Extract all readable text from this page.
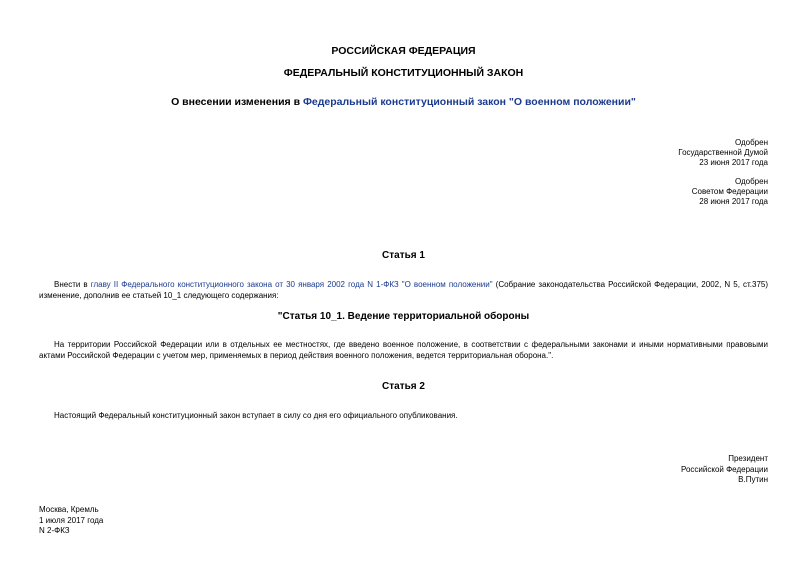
РОССИЙСКАЯ ФЕДЕРАЦИЯ
ФЕДЕРАЛЬНЫЙ КОНСТИТУЦИОННЫЙ ЗАКОН
О внесении изменения в Федеральный конституционный закон "О военном положении"
Одобрен
Государственной Думой
23 июня 2017 года
Одобрен
Советом Федерации
28 июня 2017 года
Статья 1
Внести в главу II Федерального конституционного закона от 30 января 2002 года N 1-ФКЗ "О военном положении" (Собрание законодательства Российской Федерации, 2002, N 5, ст.375) изменение, дополнив ее статьей 10_1 следующего содержания:
"Статья 10_1. Ведение территориальной обороны
На территории Российской Федерации или в отдельных ее местностях, где введено военное положение, в соответствии с федеральными законами и иными нормативными правовыми актами Российской Федерации с учетом мер, применяемых в период действия военного положения, ведется территориальная оборона.".
Статья 2
Настоящий Федеральный конституционный закон вступает в силу со дня его официального опубликования.
Президент
Российской Федерации
В.Путин
Москва, Кремль
1 июля 2017 года
N 2-ФКЗ
